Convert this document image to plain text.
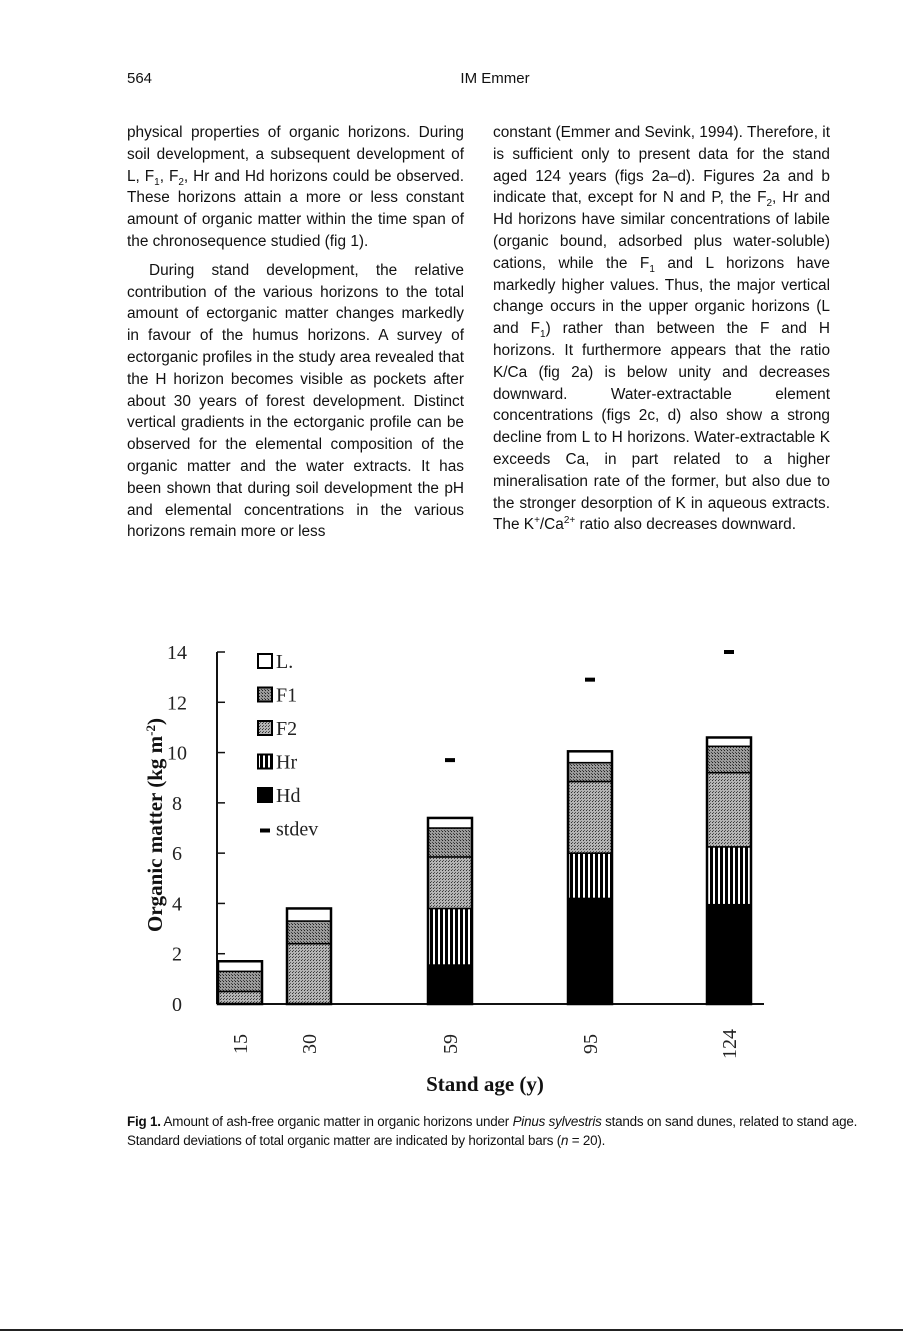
564	IM Emmer

physical properties of organic horizons. During soil development, a subsequent development of L, $F_1$, $F_2$, Hr and Hd horizons could be observed. These horizons attain a more or less constant amount of organic matter within the time span of the chronosequence studied (fig 1).

During stand development, the relative contribution of the various horizons to the total amount of ectorganic matter changes markedly in favour of the humus horizons. A survey of ectorganic profiles in the study area revealed that the H horizon becomes visible as pockets after about 30 years of forest development. Distinct vertical gradients in the ectorganic profile can be observed for the elemental composition of the organic matter and the water extracts. It has been shown that during soil development the pH and elemental concentrations in the various horizons remain more or less

constant (Emmer and Sevink, 1994). Therefore, it is sufficient only to present data for the stand aged 124 years (figs 2a–d). Figures 2a and b indicate that, except for N and P, the $F_2$, Hr and Hd horizons have similar concentrations of labile (organic bound, adsorbed plus water-soluble) cations, while the $F_1$ and L horizons have markedly higher values. Thus, the major vertical change occurs in the upper organic horizons (L and $F_1$) rather than between the F and H horizons. It furthermore appears that the ratio K/Ca (fig 2a) is below unity and decreases downward. Water-extractable element concentrations (figs 2c, d) also show a strong decline from L to H horizons. Water-extractable K exceeds Ca, in part related to a higher mineralisation rate of the former, but also due to the stronger desorption of K in aqueous extracts. The $K^+/Ca^{2+}$ ratio also decreases downward.

0
2
4
6
8
10
12
14
15 30	59	95	124
L.
F1
F2
Hr
Hd
stdev
Organic matter (kg $m^{-2}$)
Stand age (y)
Fig 1. Amount of ash-free organic matter in organic horizons under Pinus sylvestris stands on sand dunes, related to stand age. Standard deviations of total organic matter are indicated by horizontal bars (n = 20).
